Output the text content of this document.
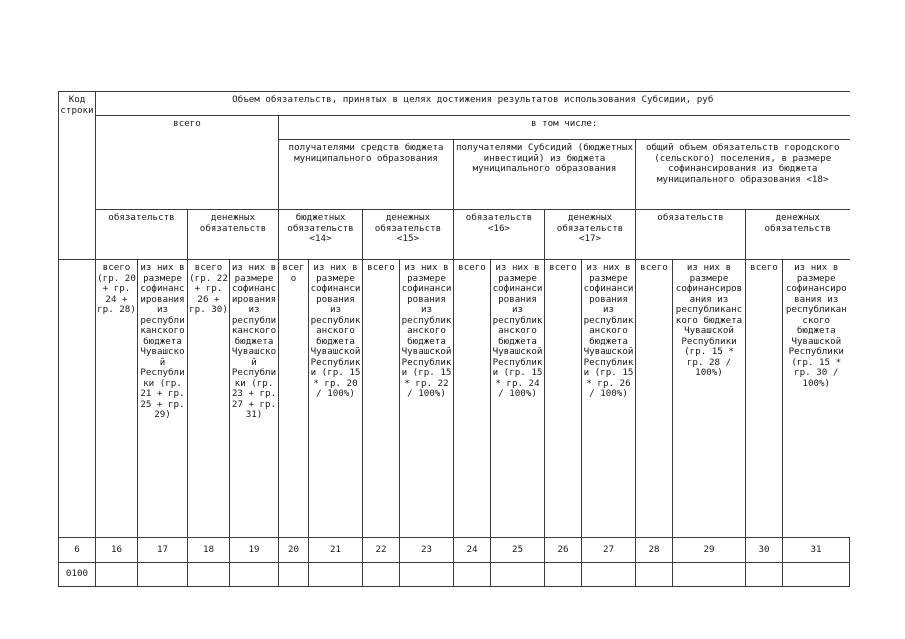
Код строки	Объем обязательств, принятых в целях достижения результатов использования Субсидии, руб															
	всего				в том числе:											
					получателями средств бюджета муниципального образования				получателями Субсидий (бюджетных инвестиций) из бюджета муниципального образования				общий объем обязательств городского (сельского) поселения, в размере софинансирования из бюджета муниципального образования <18>			
	обязательств		денежных обязательств		бюджетных обязательств <14>		денежных обязательств <15>		обязательств <16>		денежных обязательств <17>		обязательств		денежных обязательств	
	всего (гр. 20 + гр. 24 + гр. 28)	из них в размере софинансирования из республиканского бюджета Чувашской Республики (гр. 21 + гр. 25 + гр. 29)	всего (гр. 22 + гр. 26 + гр. 30)	из них в размере софинансирования из республиканского бюджета Чувашской Республики (гр. 23 + гр. 27 + гр. 31)	всего	из них в размере софинансирования из республиканского бюджета Чувашской Республики (гр. 15 * гр. 20 / 100%)	всего	из них в размере софинансирования из республиканского бюджета Чувашской Республики (гр. 15 * гр. 22 / 100%)	всего	из них в размере софинансирования из республиканского бюджета Чувашской Республики (гр. 15 * гр. 24 / 100%)	всего	из них в размере софинансирования из республиканского бюджета Чувашской Республики (гр. 15 * гр. 26 / 100%)	всего	из них в размере софинансирования из республиканского бюджета Чувашской Республики (гр. 15 * гр. 28 / 100%)	всего	из них в размере софинансирования из республиканского бюджета Чувашской Республики (гр. 15 * гр. 30 / 100%)
6	16	17	18	19	20	21	22	23	24	25	26	27	28	29	30	31
0100																
